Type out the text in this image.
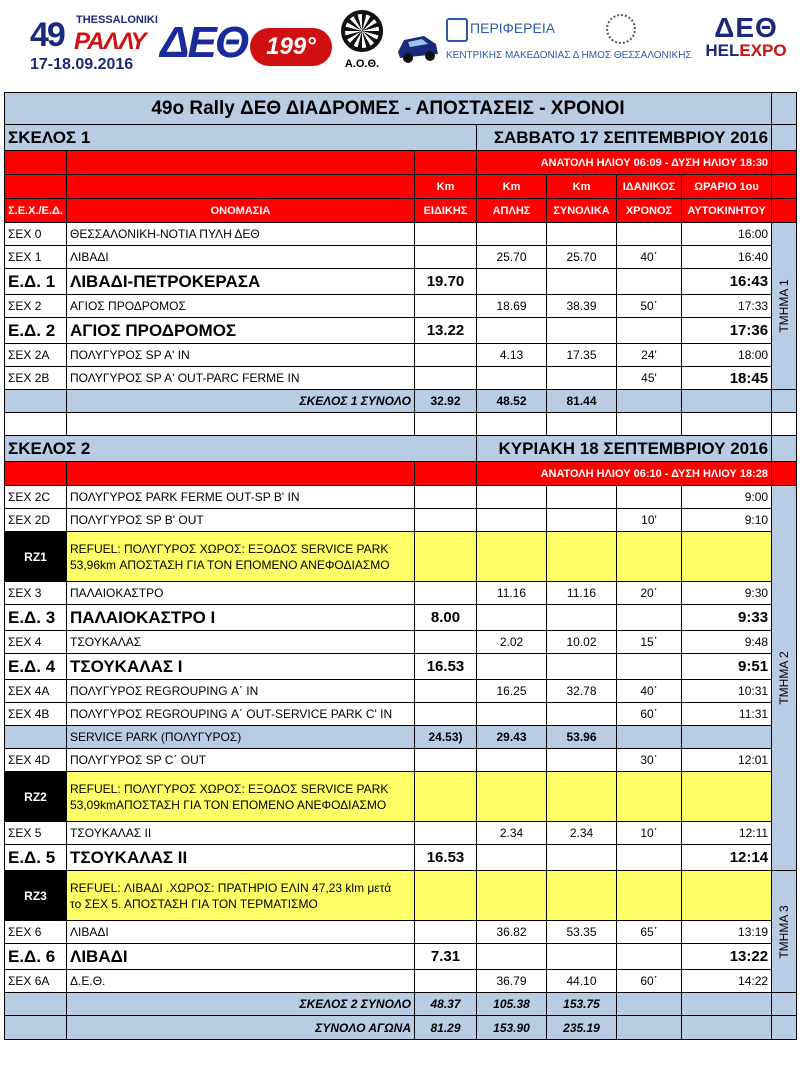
49 THESSALONIKI
ΡΑΛΛΥ
17-18.09.2016 ΔΕΘ 199°
Α.Ο.Θ.
ΠΕΡΙΦΕΡΕΙΑ
ΚΕΝΤΡΙΚΗΣ ΜΑΚΕΔΟΝΙΑΣ Δ ΗΜΟΣ ΘΕΣΣΑΛΟΝΙΚΗΣ
ΔΕΘ
HELEXPO
49o Rally ΔΕΘ ΔΙΑΔΡΟΜΕΣ - ΑΠΟΣΤΑΣΕΙΣ - ΧΡΟΝΟΙ							
ΣΚΕΛΟΣ 1			ΣΑΒΒΑΤΟ 17 ΣΕΠΤΕΜΒΡΙΟΥ 2016				
			ΑΝΑΤΟΛΗ ΗΛΙΟΥ 06:09 - ΔΥΣΗ ΗΛΙΟΥ 18:30				
		Km	Km	Km	ΙΔΑΝΙΚΟΣ	ΩΡΑΡΙΟ 1ου	
Σ.Ε.Χ./Ε.Δ.	ΟΝΟΜΑΣΙΑ	ΕΙΔΙΚΗΣ	ΑΠΛΗΣ	ΣΥΝΟΛΙΚΑ	ΧΡΟΝΟΣ	ΑΥΤΟΚΙΝΗΤΟΥ	
ΣΕΧ 0	ΘΕΣΣΑΛΟΝΙΚΗ-ΝΟΤΙΑ ΠΥΛΗ ΔΕΘ					16:00	ΤΜΗΜΑ 1

ΣΕΧ 1	ΛΙΒΑΔΙ		25.70	25.70	40΄	16:40	
Ε.Δ. 1	ΛΙΒΑΔΙ-ΠΕΤΡΟΚΕΡΑΣΑ	19.70				16:43	
ΣΕΧ 2	ΑΓΙΟΣ ΠΡΟΔΡΟΜΟΣ		18.69	38.39	50΄	17:33	
Ε.Δ. 2	ΑΓΙΟΣ ΠΡΟΔΡΟΜΟΣ	13.22				17:36	
ΣΕΧ 2Α	ΠΟΛΥΓΥΡΟΣ SP A' IN		4.13	17.35	24'	18:00	
ΣΕΧ 2Β	ΠΟΛΥΓΥΡΟΣ SP A' OUT-PARC FERME IN				45'	18:45	
	ΣΚΕΛΟΣ 1 ΣΥΝΟΛΟ	32.92	48.52	81.44			

ΣΚΕΛΟΣ 2			ΚΥΡΙΑΚΗ 18 ΣΕΠΤΕΜΒΡΙΟΥ 2016				
			ΑΝΑΤΟΛΗ ΗΛΙΟΥ 06:10 - ΔΥΣΗ ΗΛΙΟΥ 18:28				
ΣΕΧ 2C	ΠΟΛΥΓΥΡΟΣ PARK FERME OUT-SP B' IN					9:00	ΤΜΗΜΑ 2

ΣΕΧ 2D	ΠΟΛΥΓΥΡΟΣ SP B' OUT				10'	9:10	
RZ1	REFUEL: ΠΟΛΥΓΥΡΟΣ ΧΩΡΟΣ: ΕΞΟΔΟΣ SERVICE PARK
53,96km ΑΠΟΣΤΑΣΗ ΓΙΑ ΤΟΝ ΕΠΟΜΕΝΟ ΑΝΕΦΟΔΙΑΣΜΟ						

ΣΕΧ 3	ΠΑΛΑΙΟΚΑΣΤΡΟ		11.16	11.16	20΄	9:30	
Ε.Δ. 3	ΠΑΛΑΙΟΚΑΣΤΡΟ Ι	8.00				9:33	
ΣΕΧ 4	ΤΣΟΥΚΑΛΑΣ		2.02	10.02	15΄	9:48	
Ε.Δ. 4	ΤΣΟΥΚΑΛΑΣ Ι	16.53				9:51	
ΣΕΧ 4Α	ΠΟΛΥΓΥΡΟΣ REGROUPING Α΄ IN		16.25	32.78	40΄	10:31	
ΣΕΧ 4Β	ΠΟΛΥΓΥΡΟΣ REGROUPING Α΄ OUT-SERVICE PARK C' IN				60΄	11:31	
	SERVICE PARK (ΠΟΛΥΓΥΡΟΣ)	24.53)	29.43	53.96			
ΣΕΧ 4D	ΠΟΛΥΓΥΡΟΣ SP C΄ OUT				30΄	12:01	
RZ2	REFUEL: ΠΟΛΥΓΥΡΟΣ ΧΩΡΟΣ: ΕΞΟΔΟΣ SERVICE PARK
53,09kmΑΠΟΣΤΑΣΗ ΓΙΑ ΤΟΝ ΕΠΟΜΕΝΟ ΑΝΕΦΟΔΙΑΣΜΟ						

ΣΕΧ 5	ΤΣΟΥΚΑΛΑΣ ΙΙ		2.34	2.34	10΄	12:11	
Ε.Δ. 5	ΤΣΟΥΚΑΛΑΣ ΙΙ	16.53				12:14	
RZ3	REFUEL: ΛΙΒΑΔΙ .ΧΩΡΟΣ: ΠΡΑΤΗΡΙΟ ΕΛΙΝ 47,23 klm μετά
το ΣΕΧ 5. ΑΠΟΣΤΑΣΗ ΓΙΑ ΤΟΝ ΤΕΡΜΑΤΙΣΜΟ						ΤΜΗΜΑ 3

ΣΕΧ 6	ΛΙΒΑΔΙ		36.82	53.35	65΄	13:19	
Ε.Δ. 6	ΛΙΒΑΔΙ	7.31				13:22	
ΣΕΧ 6Α	Δ.Ε.Θ.		36.79	44.10	60΄	14:22	
	ΣΚΕΛΟΣ 2 ΣΥΝΟΛΟ	48.37	105.38	153.75			
	ΣΥΝΟΛΟ ΑΓΩΝΑ	81.29	153.90	235.19			
